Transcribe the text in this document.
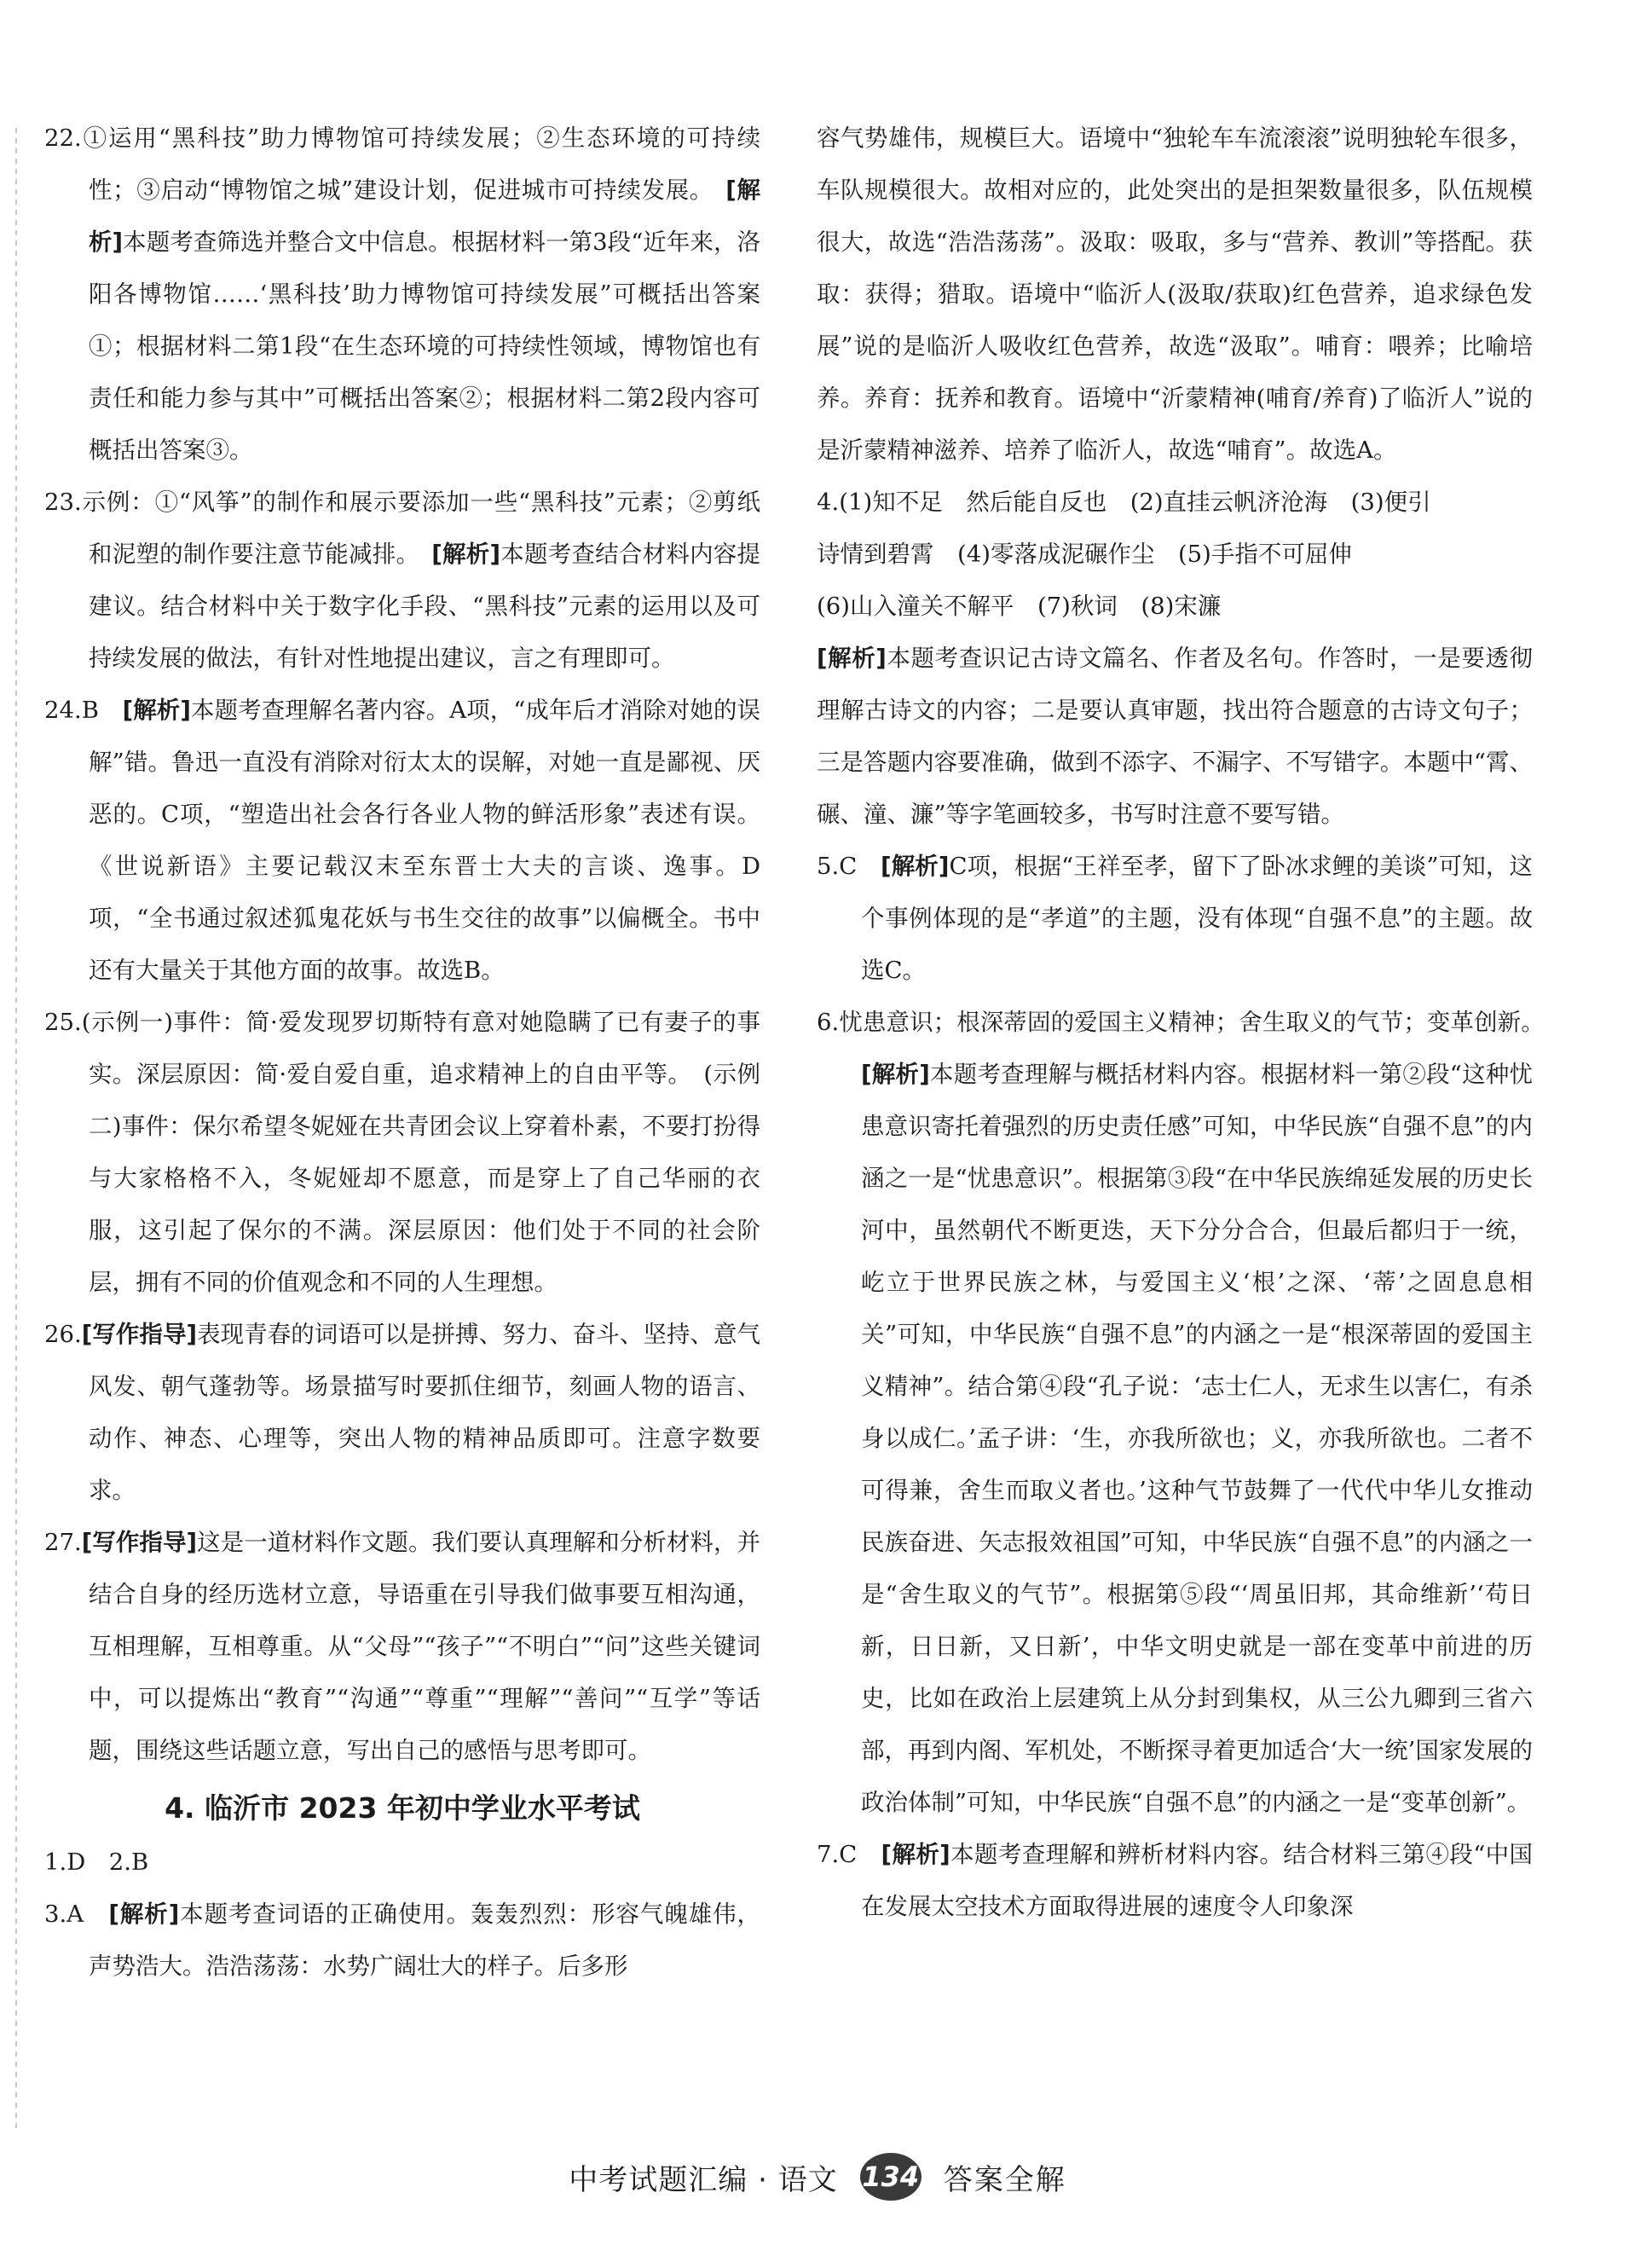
22.①运用“黑科技”助力博物馆可持续发展；②生态环境的可持续性；③启动“博物馆之城”建设计划，促进城市可持续发展。　 [解析]本题考查筛选并整合文中信息。根据材料一第3段“近年来，洛阳各博物馆……‘黑科技’助力博物馆可持续发展”可概括出答案①；根据材料二第1段“在生态环境的可持续性领域，博物馆也有责任和能力参与其中”可概括出答案②；根据材料二第2段内容可概括出答案③。

23.示例：①“风筝”的制作和展示要添加一些“黑科技”元素；②剪纸和泥塑的制作要注意节能减排。　 [解析]本题考查结合材料内容提建议。结合材料中关于数字化手段、“黑科技”元素的运用以及可持续发展的做法，有针对性地提出建议，言之有理即可。

24.B　 [解析]本题考查理解名著内容。A项，“成年后才消除对她的误解”错。鲁迅一直没有消除对衍太太的误解，对她一直是鄙视、厌恶的。C项，“塑造出社会各行各业人物的鲜活形象”表述有误。《世说新语》主要记载汉末至东晋士大夫的言谈、逸事。D项，“全书通过叙述狐鬼花妖与书生交往的故事”以偏概全。书中还有大量关于其他方面的故事。故选B。

25.(示例一)事件：简·爱发现罗切斯特有意对她隐瞒了已有妻子的事实。深层原因：简·爱自爱自重，追求精神上的自由平等。　(示例二)事件：保尔希望冬妮娅在共青团会议上穿着朴素，不要打扮得与大家格格不入，冬妮娅却不愿意，而是穿上了自己华丽的衣服，这引起了保尔的不满。深层原因：他们处于不同的社会阶层，拥有不同的价值观念和不同的人生理想。

26.[写作指导]表现青春的词语可以是拼搏、努力、奋斗、坚持、意气风发、朝气蓬勃等。场景描写时要抓住细节，刻画人物的语言、动作、神态、心理等，突出人物的精神品质即可。注意字数要求。

27.[写作指导]这是一道材料作文题。我们要认真理解和分析材料，并结合自身的经历选材立意，导语重在引导我们做事要互相沟通，互相理解，互相尊重。从“父母”“孩子”“不明白”“问”这些关键词中，可以提炼出“教育”“沟通”“尊重”“理解”“善问”“互学”等话题，围绕这些话题立意，写出自己的感悟与思考即可。

4. 临沂市 2023 年初中学业水平考试

1.D　2.B

3.A　 [解析]本题考查词语的正确使用。轰轰烈烈：形容气魄雄伟，声势浩大。浩浩荡荡：水势广阔壮大的样子。后多形

容气势雄伟，规模巨大。语境中“独轮车车流滚滚”说明独轮车很多，车队规模很大。故相对应的，此处突出的是担架数量很多，队伍规模很大，故选“浩浩荡荡”。汲取：吸取，多与“营养、教训”等搭配。获取：获得；猎取。语境中“临沂人(汲取/获取)红色营养，追求绿色发展”说的是临沂人吸收红色营养，故选“汲取”。哺育：喂养；比喻培养。养育：抚养和教育。语境中“沂蒙精神(哺育/养育)了临沂人”说的是沂蒙精神滋养、培养了临沂人，故选“哺育”。故选A。

4.(1)知不足　然后能自反也　(2)直挂云帆济沧海　(3)便引

诗情到碧霄　(4)零落成泥碾作尘　(5)手指不可屈伸

(6)山入潼关不解平　(7)秋词　(8)宋濂

[解析]本题考查识记古诗文篇名、作者及名句。作答时，一是要透彻理解古诗文的内容；二是要认真审题，找出符合题意的古诗文句子；三是答题内容要准确，做到不添字、不漏字、不写错字。本题中“霄、碾、潼、濂”等字笔画较多，书写时注意不要写错。

5.C　 [解析]C项，根据“王祥至孝，留下了卧冰求鲤的美谈”可知，这个事例体现的是“孝道”的主题，没有体现“自强不息”的主题。故选C。

6.忧患意识；根深蒂固的爱国主义精神；舍生取义的气节；变革创新。　[解析]本题考查理解与概括材料内容。根据材料一第②段“这种忧患意识寄托着强烈的历史责任感”可知，中华民族“自强不息”的内涵之一是“忧患意识”。根据第③段“在中华民族绵延发展的历史长河中，虽然朝代不断更迭，天下分分合合，但最后都归于一统，屹立于世界民族之林，与爱国主义‘根’之深、‘蒂’之固息息相关”可知，中华民族“自强不息”的内涵之一是“根深蒂固的爱国主义精神”。结合第④段“孔子说：‘志士仁人，无求生以害仁，有杀身以成仁。’孟子讲：‘生，亦我所欲也；义，亦我所欲也。二者不可得兼，舍生而取义者也。’这种气节鼓舞了一代代中华儿女推动民族奋进、矢志报效祖国”可知，中华民族“自强不息”的内涵之一是“舍生取义的气节”。根据第⑤段“‘周虽旧邦，其命维新’‘苟日新，日日新，又日新’，中华文明史就是一部在变革中前进的历史，比如在政治上层建筑上从分封到集权，从三公九卿到三省六部，再到内阁、军机处，不断探寻着更加适合‘大一统’国家发展的政治体制”可知，中华民族“自强不息”的内涵之一是“变革创新”。

7.C　 [解析]本题考查理解和辨析材料内容。结合材料三第④段“中国在发展太空技术方面取得进展的速度令人印象深

中考试题汇编 · 语文 134 答案全解
